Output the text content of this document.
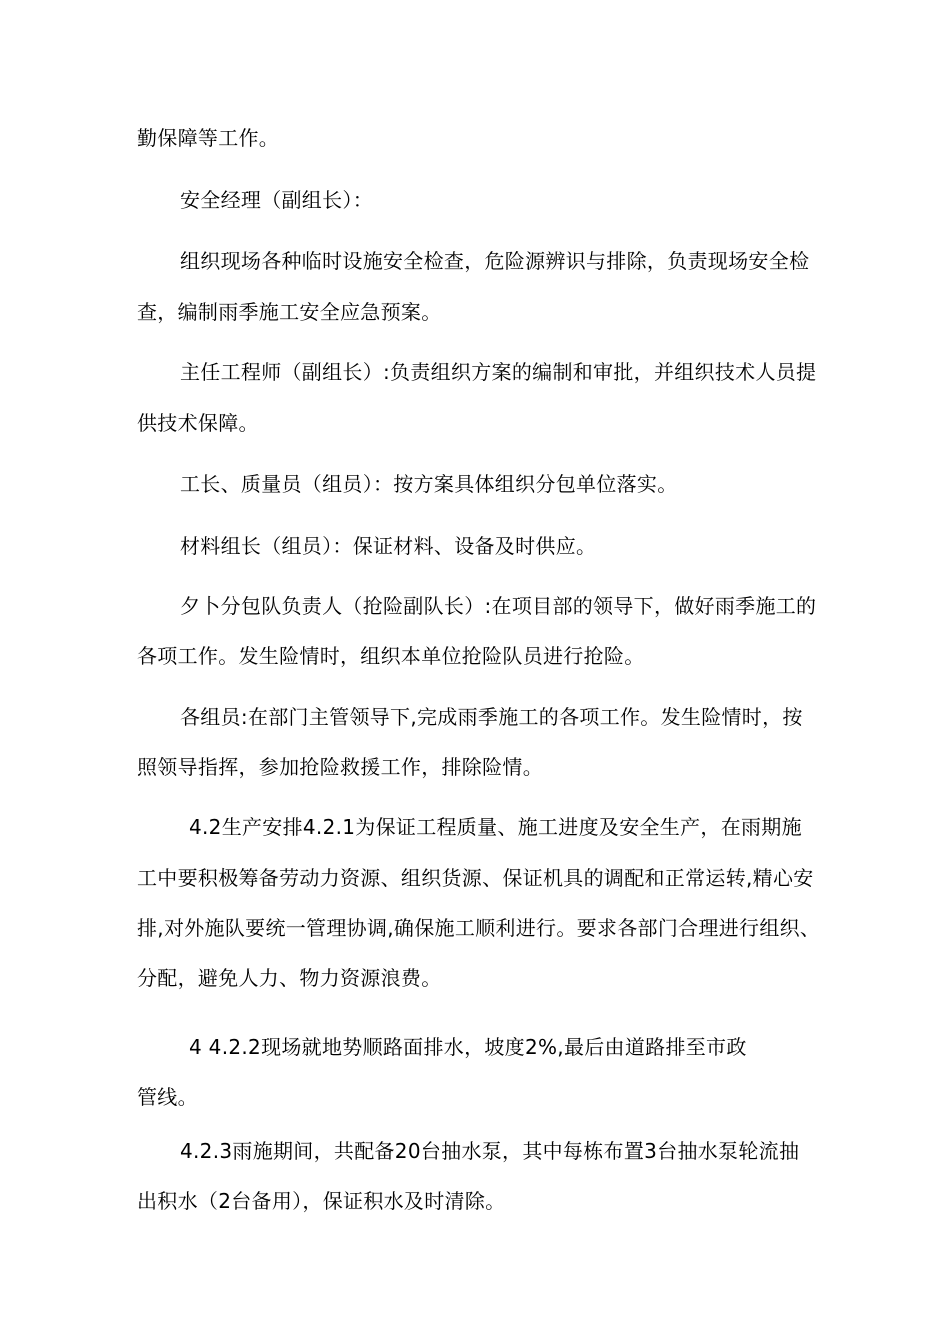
勤保障等工作。
安全经理（副组长）：
组织现场各种临时设施安全检查，危险源辨识与排除，负责现场安全检
查，编制雨季施工安全应急预案。
主任工程师（副组长）:负责组织方案的编制和审批，并组织技术人员提
供技术保障。
工长、质量员（组员）：按方案具体组织分包单位落实。
材料组长（组员）：保证材料、设备及时供应。
夕卜分包队负责人（抢险副队长）:在项目部的领导下，做好雨季施工的
各项工作。发生险情时，组织本单位抢险队员进行抢险。
各组员:在部门主管领导下,完成雨季施工的各项工作。发生险情时，按
照领导指挥，参加抢险救援工作，排除险情。
4.2生产安排4.2.1为保证工程质量、施工进度及安全生产，在雨期施
工中要积极筹备劳动力资源、组织货源、保证机具的调配和正常运转,精心安
排,对外施队要统一管理协调,确保施工顺利进行。要求各部门合理进行组织、
分配，避免人力、物力资源浪费。
4 4.2.2现场就地势顺路面排水，坡度2%,最后由道路排至市政
管线。
4.2.3雨施期间，共配备20台抽水泵，其中每栋布置3台抽水泵轮流抽
出积水（2台备用），保证积水及时清除。
